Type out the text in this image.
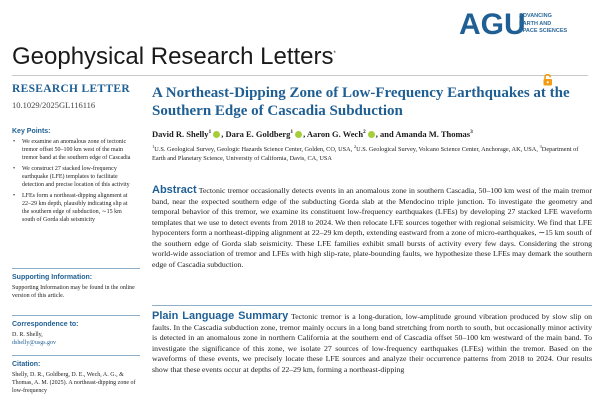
AGU
ADVANCING
EARTH AND
SPACE SCIENCES
Geophysical Research Letters*
RESEARCH LETTER
10.1029/2025GL116116
Key Points:
• We examine an anomalous zone of tectonic tremor offset 50–100 km west of the main tremor band at the southern edge of Cascadia
• We construct 27 stacked low-frequency earthquake (LFE) templates to facilitate detection and precise location of this activity
• LFEs form a northeast-dipping alignment at 22–29 km depth, plausibly indicating slip at the southern edge of subduction, ∼15 km south of Gorda slab seismicity
Supporting Information:
Supporting Information may be found in the online version of this article.
Correspondence to:
D. R. Shelly,
dshelly@usgs.gov
Citation:
Shelly, D. R., Goldberg, D. E., Wech, A. G., & Thomas, A. M. (2025). A northeast-dipping zone of low-frequency
A Northeast-Dipping Zone of Low-Frequency Earthquakes at the Southern Edge of Cascadia Subduction
David R. Shelly$^1$ , Dara E. Goldberg$^1$ , Aaron G. Wech$^2$ , and Amanda M. Thomas$^3$
$^1$U.S. Geological Survey, Geologic Hazards Science Center, Golden, CO, USA, $^2$U.S. Geological Survey, Volcano Science Center, Anchorage, AK, USA, $^3$Department of Earth and Planetary Science, University of California, Davis, CA, USA
Abstract Tectonic tremor occasionally detects events in an anomalous zone in southern Cascadia, 50–100 km west of the main tremor band, near the expected southern edge of the subducting Gorda slab at the Mendocino triple junction. To investigate the geometry and temporal behavior of this tremor, we examine its constituent low-frequency earthquakes (LFEs) by developing 27 stacked LFE waveform templates that we use to detect events from 2018 to 2024. We then relocate LFE sources together with regional seismicity. We find that LFE hypocenters form a northeast-dipping alignment at 22–29 km depth, extending eastward from a zone of micro-earthquakes, ∼15 km south of the southern edge of Gorda slab seismicity. These LFE families exhibit small bursts of activity every few days. Considering the strong world-wide association of tremor and LFEs with high slip-rate, plate-bounding faults, we hypothesize these LFEs may demark the southern edge of Cascadia subduction.
Plain Language Summary Tectonic tremor is a long-duration, low-amplitude ground vibration produced by slow slip on faults. In the Cascadia subduction zone, tremor mainly occurs in a long band stretching from north to south, but occasionally minor activity is detected in an anomalous zone in northern California at the southern end of Cascadia offset 50–100 km westward of the main band. To investigate the significance of this zone, we isolate 27 sources of low-frequency earthquakes (LFEs) within the tremor. Based on the waveforms of these events, we precisely locate these LFE sources and analyze their occurrence patterns from 2018 to 2024. Our results show that these events occur at depths of 22–29 km, forming a northeast-dipping
